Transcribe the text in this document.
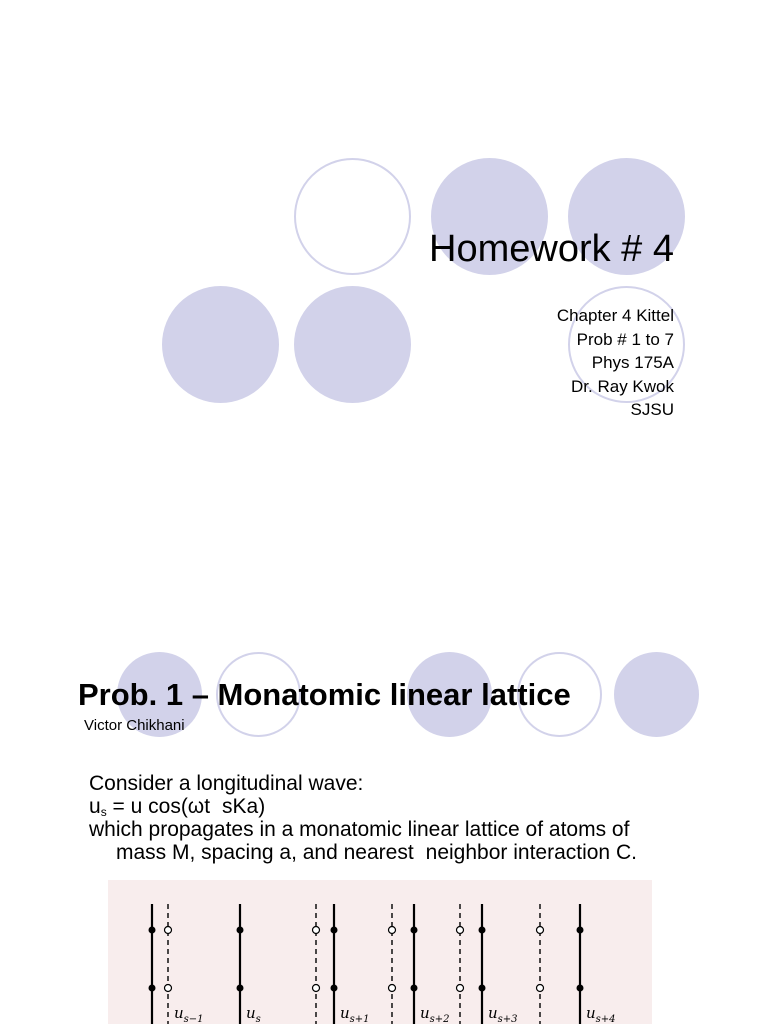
Homework # 4
Chapter 4 Kittel
Prob # 1 to 7
Phys 175A
Dr. Ray Kwok
SJSU
Prob. 1 – Monatomic linear lattice
Victor Chikhani
Consider a longitudinal wave:
$u_s = u$ cos(ωt sKa)
which propagates in a monatomic linear lattice of atoms of
mass M, spacing a, and nearest neighbor interaction C.
$u_{s-1}$	$u_s$	$u_{s+1}$	$u_{s+2}$	$u_{s+3}$	$u_{s+4}$
